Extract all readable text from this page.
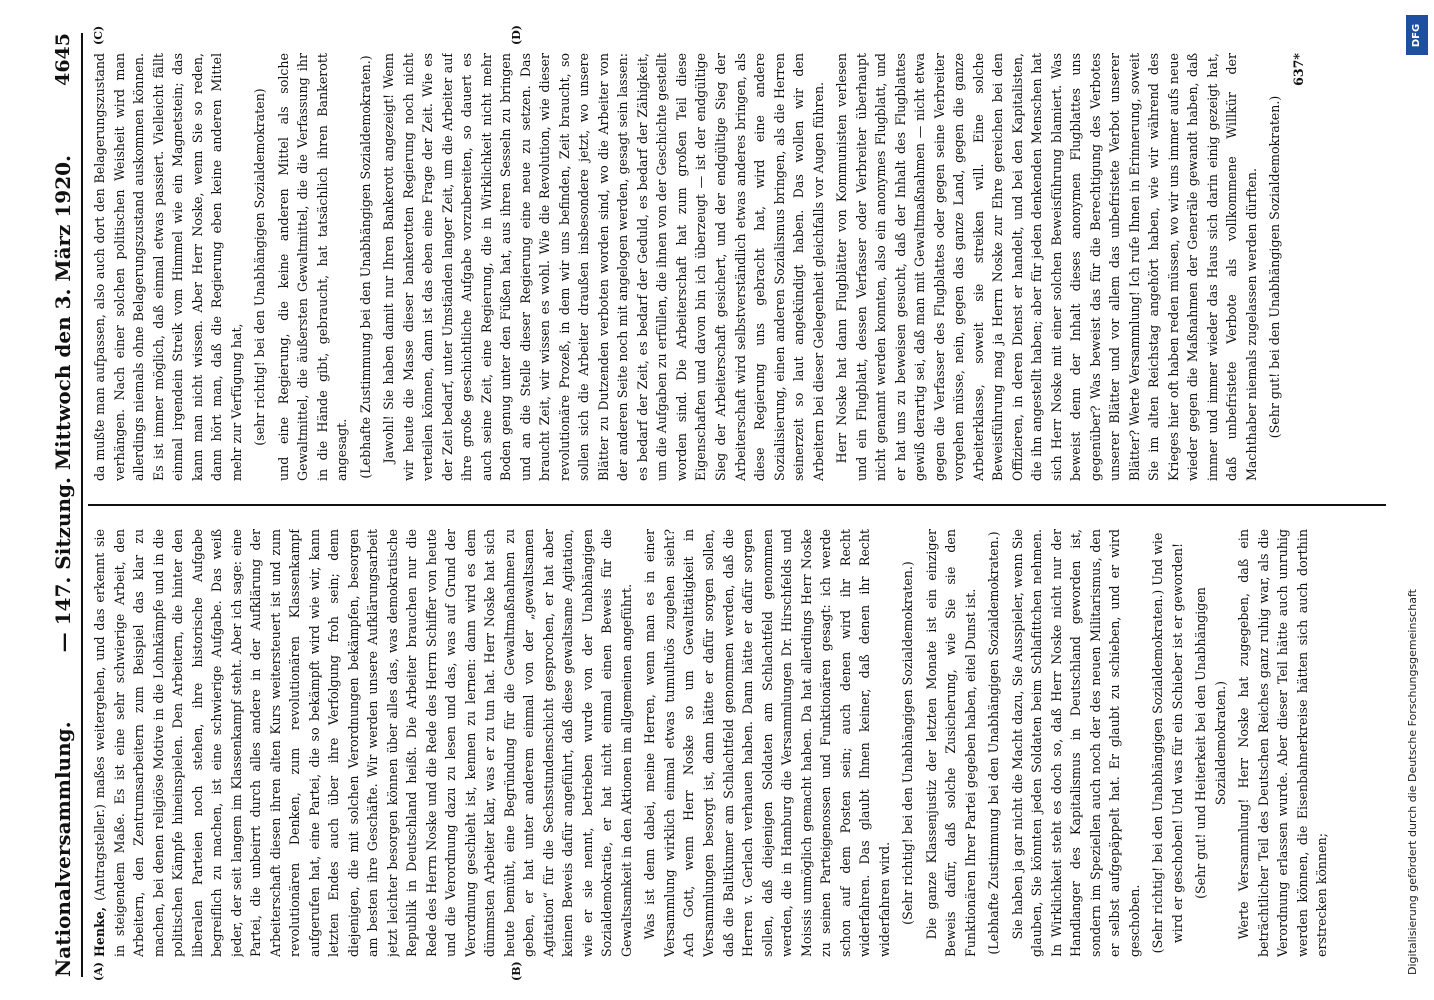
Nationalversammlung.
— 147. Sitzung. Mittwoch den 3. März 1920.
4645
(A)	(B)
(C)	(D)

Henke, (Antragsteller.) maßes weitergehen, und das erkennt sie in steigendem Maße. Es ist eine sehr schwierige Arbeit, den Arbeitern, den Zentrumsarbeitern zum Beispiel das klar zu machen, bei denen religiöse Motive in die Lohnkämpfe und in die politischen Kämpfe hineinspielen. Den Arbeitern, die hinter den liberalen Parteien noch stehen, ihre historische Aufgabe begreiflich zu machen, ist eine schwierige Aufgabe. Das weiß jeder, der seit langem im Klassenkampf steht. Aber ich sage: eine Partei, die unbeirrt durch alles andere in der Aufklärung der Arbeiterschaft diesen ihren alten Kurs weitersteuert ist und zum revolutionären Denken, zum revolutionären Klassenkampf aufgerufen hat, eine Partei, die so bekämpft wird wie wir, kann letzten Endes auch über ihre Verfolgung froh sein; denn diejenigen, die mit solchen Verordnungen bekämpfen, besorgen am besten ihre Geschäfte. Wir werden unsere Aufklärungsarbeit jetzt leichter besorgen können über alles das, was demokratische Republik in Deutschland heißt. Die Arbeiter brauchen nur die Rede des Herrn Noske und die Rede des Herrn Schiffer von heute und die Verordnung dazu zu lesen und das, was auf Grund der Verordnung geschieht ist, kennen zu lernen: dann wird es dem dümmsten Arbeiter klar, was er zu tun hat. Herr Noske hat sich heute bemüht, eine Begründung für die Gewaltmaßnahmen zu geben, er hat unter anderem einmal von der „gewaltsamen Agitation“ für die Sechsstundenschicht gesprochen, er hat aber keinen Beweis dafür angeführt, daß diese gewaltsame Agitation, wie er sie nennt, betrieben wurde von der Unabhängigen Sozialdemokratie, er hat nicht einmal einen Beweis für die Gewaltsamkeit in den Aktionen im allgemeinen angeführt. Was ist denn dabei, meine Herren, wenn man es in einer Versammlung wirklich einmal etwas tumultuös zugehen sieht? Ach Gott, wenn Herr Noske so um Gewalttätigkeit in Versammlungen besorgt ist, dann hätte er dafür sorgen sollen, daß die Baltikumer am Schlachtfeld genommen werden, daß die Herren v. Gerlach verhauen haben. Dann hätte er dafür sorgen sollen, daß diejenigen Soldaten am Schlachtfeld genommen werden, die in Hamburg die Versammlungen Dr. Hirschfelds und Moissis unmöglich gemacht haben. Da hat allerdings Herr Noske zu seinen Parteigenossen und Funktionären gesagt: ich werde schon auf dem Posten sein; auch denen wird ihr Recht widerfahren. Das glaubt Ihnen keiner, daß denen ihr Recht widerfahren wird. (Sehr richtig! bei den Unabhängigen Sozialdemokraten.) Die ganze Klassenjustiz der letzten Monate ist ein einziger Beweis dafür, daß solche Zusicherung, wie Sie sie den Funktionären Ihrer Partei gegeben haben, eitel Dunst ist. (Lebhafte Zustimmung bei den Unabhängigen Sozialdemokraten.) Sie haben ja gar nicht die Macht dazu, Sie Ausspieler, wenn Sie glauben, Sie könnten jeden Soldaten beim Schlafittchen nehmen. In Wirklichkeit steht es doch so, daß Herr Noske nicht nur der Handlanger des Kapitalismus in Deutschland geworden ist, sondern im Speziellen auch noch der des neuen Militarismus, den er selbst aufgepäppelt hat. Er glaubt zu schieben, und er wird geschoben. (Sehr richtig! bei den Unabhängigen Sozialdemokraten.) Und wie wird er geschoben! Und was für ein Schieber ist er geworden! (Sehr gut! und Heiterkeit bei den Unabhängigen Sozialdemokraten.) Werte Versammlung! Herr Noske hat zugegeben, daß ein beträchtlicher Teil des Deutschen Reiches ganz ruhig war, als die Verordnung erlassen wurde. Aber dieser Teil hätte auch unruhig werden können, die Eisenbahnerkreise hätten sich auch dorthin erstrecken können;

da mußte man aufpassen, also auch dort den Belagerungszustand verhängen. Nach einer solchen politischen Weisheit wird man allerdings niemals ohne Belagerungszustand auskommen können. Es ist immer möglich, daß einmal etwas passiert. Vielleicht fällt einmal irgendein Streik vom Himmel wie ein Magnetstein; das kann man nicht wissen. Aber Herr Noske, wenn Sie so reden, dann hört man, daß die Regierung eben keine anderen Mittel mehr zur Verfügung hat, (sehr richtig! bei den Unabhängigen Sozialdemokraten) und eine Regierung, die keine anderen Mittel als solche Gewaltmittel, die äußersten Gewaltmittel, die die Verfassung ihr in die Hände gibt, gebraucht, hat tatsächlich ihren Bankerott angesagt. (Lebhafte Zustimmung bei den Unabhängigen Sozialdemokraten.) Jawohl! Sie haben damit nur Ihren Bankerott angezeigt! Wenn wir heute die Masse dieser bankerotten Regierung noch nicht verteilen können, dann ist das eben eine Frage der Zeit. Wie es der Zeit bedarf, unter Umständen langer Zeit, um die Arbeiter auf ihre große geschichtliche Aufgabe vorzubereiten, so dauert es auch seine Zeit, eine Regierung, die in Wirklichkeit nicht mehr Boden genug unter den Füßen hat, aus ihren Sesseln zu bringen und an die Stelle dieser Regierung eine neue zu setzen. Das braucht Zeit, wir wissen es wohl. Wie die Revolution, wie dieser revolutionäre Prozeß, in dem wir uns befinden, Zeit braucht, so sollen sich die Arbeiter draußen insbesondere jetzt, wo unsere Blätter zu Dutzenden verboten worden sind, wo die Arbeiter von der anderen Seite noch mit angelogen werden, gesagt sein lassen: es bedarf der Zeit, es bedarf der Geduld, es bedarf der Zähigkeit, um die Aufgaben zu erfüllen, die ihnen von der Geschichte gestellt worden sind. Die Arbeiterschaft hat zum großen Teil diese Eigenschaften und davon bin ich überzeugt — ist der endgültige Sieg der Arbeiterschaft gesichert, und der endgültige Sieg der Arbeiterschaft wird selbstverständlich etwas anderes bringen, als diese Regierung uns gebracht hat, wird eine andere Sozialisierung, einen anderen Sozialismus bringen, als die Herren seinerzeit so laut angekündigt haben. Das wollen wir den Arbeitern bei dieser Gelegenheit gleichfalls vor Augen führen. Herr Noske hat dann Flugblätter von Kommunisten verlesen und ein Flugblatt, dessen Verfasser oder Verbreiter überhaupt nicht genannt werden konnten, also ein anonymes Flugblatt, und er hat uns zu beweisen gesucht, daß der Inhalt des Flugblattes gewiß derartig sei, daß man mit Gewaltmaßnahmen — nicht etwa gegen die Verfasser des Flugblattes oder gegen seine Verbreiter vorgehen müsse, nein, gegen das ganze Land, gegen die ganze Arbeiterklasse, soweit sie streiken will. Eine solche Beweisführung mag ja Herrn Noske zur Ehre gereichen bei den Offizieren, in deren Dienst er handelt, und bei den Kapitalisten, die ihn angestellt haben; aber für jeden denkenden Menschen hat sich Herr Noske mit einer solchen Beweisführung blamiert. Was beweist denn der Inhalt dieses anonymen Flugblattes uns gegenüber? Was beweist das für die Berechtigung des Verbotes unserer Blätter und vor allem das unbefristete Verbot unserer Blätter? Werte Versammlung! Ich rufe Ihnen in Erinnerung, soweit Sie im alten Reichstag angehört haben, wie wir während des Krieges hier oft haben reden müssen, wo wir uns immer aufs neue wieder gegen die Maßnahmen der Generäle gewandt haben, daß immer und immer wieder das Haus sich darin einig gezeigt hat, daß unbefristete Verbote als vollkommene Willkür der Machthaber niemals zugelassen werden dürften. (Sehr gut! bei den Unabhängigen Sozialdemokraten.)

637*
DFG
Digitalisierung gefördert durch die Deutsche Forschungsgemeinschaft
